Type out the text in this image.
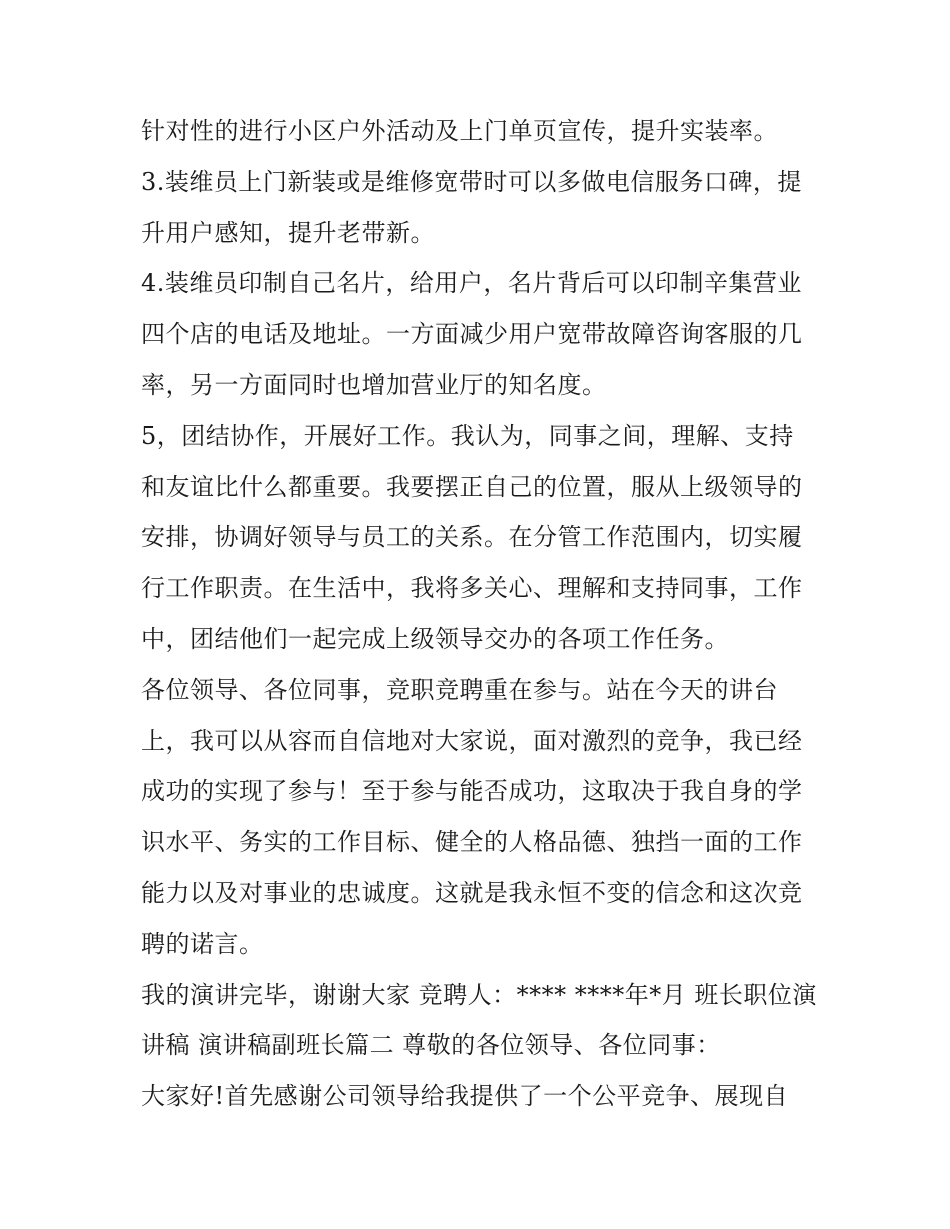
针对性的进行小区户外活动及上门单页宣传，提升实装率。
3.装维员上门新装或是维修宽带时可以多做电信服务口碑，提
升用户感知，提升老带新。
4.装维员印制自己名片，给用户，名片背后可以印制辛集营业
四个店的电话及地址。一方面减少用户宽带故障咨询客服的几
率，另一方面同时也增加营业厅的知名度。
5，团结协作，开展好工作。我认为，同事之间，理解、支持
和友谊比什么都重要。我要摆正自己的位置，服从上级领导的
安排，协调好领导与员工的关系。在分管工作范围内，切实履
行工作职责。在生活中，我将多关心、理解和支持同事，工作
中，团结他们一起完成上级领导交办的各项工作任务。
各位领导、各位同事，竞职竞聘重在参与。站在今天的讲台
上，我可以从容而自信地对大家说，面对激烈的竞争，我已经
成功的实现了参与！至于参与能否成功，这取决于我自身的学
识水平、务实的工作目标、健全的人格品德、独挡一面的工作
能力以及对事业的忠诚度。这就是我永恒不变的信念和这次竞
聘的诺言。
我的演讲完毕，谢谢大家 竞聘人：**** ****年*月 班长职位演
讲稿 演讲稿副班长篇二 尊敬的各位领导、各位同事：
大家好!首先感谢公司领导给我提供了一个公平竞争、展现自
